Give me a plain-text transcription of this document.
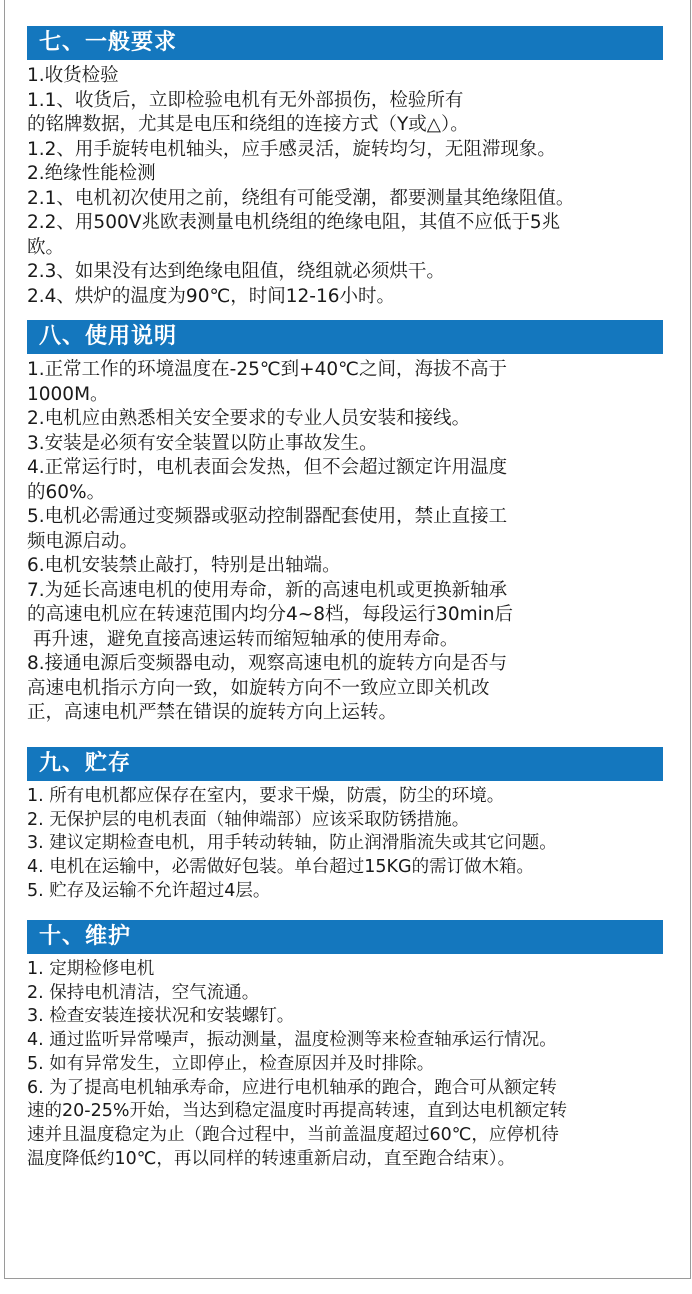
七、一般要求
1.收货检验
1.1、收货后，立即检验电机有无外部损伤，检验所有
的铭牌数据，尤其是电压和绕组的连接方式（Y或△）。
1.2、用手旋转电机轴头，应手感灵活，旋转均匀，无阻滞现象。
2.绝缘性能检测
2.1、电机初次使用之前，绕组有可能受潮，都要测量其绝缘阻值。
2.2、用500V兆欧表测量电机绕组的绝缘电阻，其值不应低于5兆
欧。
2.3、如果没有达到绝缘电阻值，绕组就必须烘干。
2.4、烘炉的温度为90℃，时间12-16小时。
八、使用说明
1.正常工作的环境温度在-25℃到+40℃之间，海拔不高于
1000M。
2.电机应由熟悉相关安全要求的专业人员安装和接线。
3.安装是必须有安全装置以防止事故发生。
4.正常运行时，电机表面会发热，但不会超过额定许用温度
的60%。
5.电机必需通过变频器或驱动控制器配套使用，禁止直接工
频电源启动。
6.电机安装禁止敲打，特别是出轴端。
7.为延长高速电机的使用寿命，新的高速电机或更换新轴承
的高速电机应在转速范围内均分4~8档，每段运行30min后
再升速，避免直接高速运转而缩短轴承的使用寿命。
8.接通电源后变频器电动，观察高速电机的旋转方向是否与
高速电机指示方向一致，如旋转方向不一致应立即关机改
正，高速电机严禁在错误的旋转方向上运转。
九、贮存
1. 所有电机都应保存在室内，要求干燥，防震，防尘的环境。
2. 无保护层的电机表面（轴伸端部）应该采取防锈措施。
3. 建议定期检查电机，用手转动转轴，防止润滑脂流失或其它问题。
4. 电机在运输中，必需做好包装。单台超过15KG的需订做木箱。
5. 贮存及运输不允许超过4层。
十、维护
1. 定期检修电机
2. 保持电机清洁，空气流通。
3. 检查安装连接状况和安装螺钉。
4. 通过监听异常噪声，振动测量，温度检测等来检查轴承运行情况。
5. 如有异常发生，立即停止，检查原因并及时排除。
6. 为了提高电机轴承寿命，应进行电机轴承的跑合，跑合可从额定转
速的20-25%开始，当达到稳定温度时再提高转速，直到达电机额定转
速并且温度稳定为止（跑合过程中，当前盖温度超过60℃，应停机待
温度降低约10℃，再以同样的转速重新启动，直至跑合结束）。
